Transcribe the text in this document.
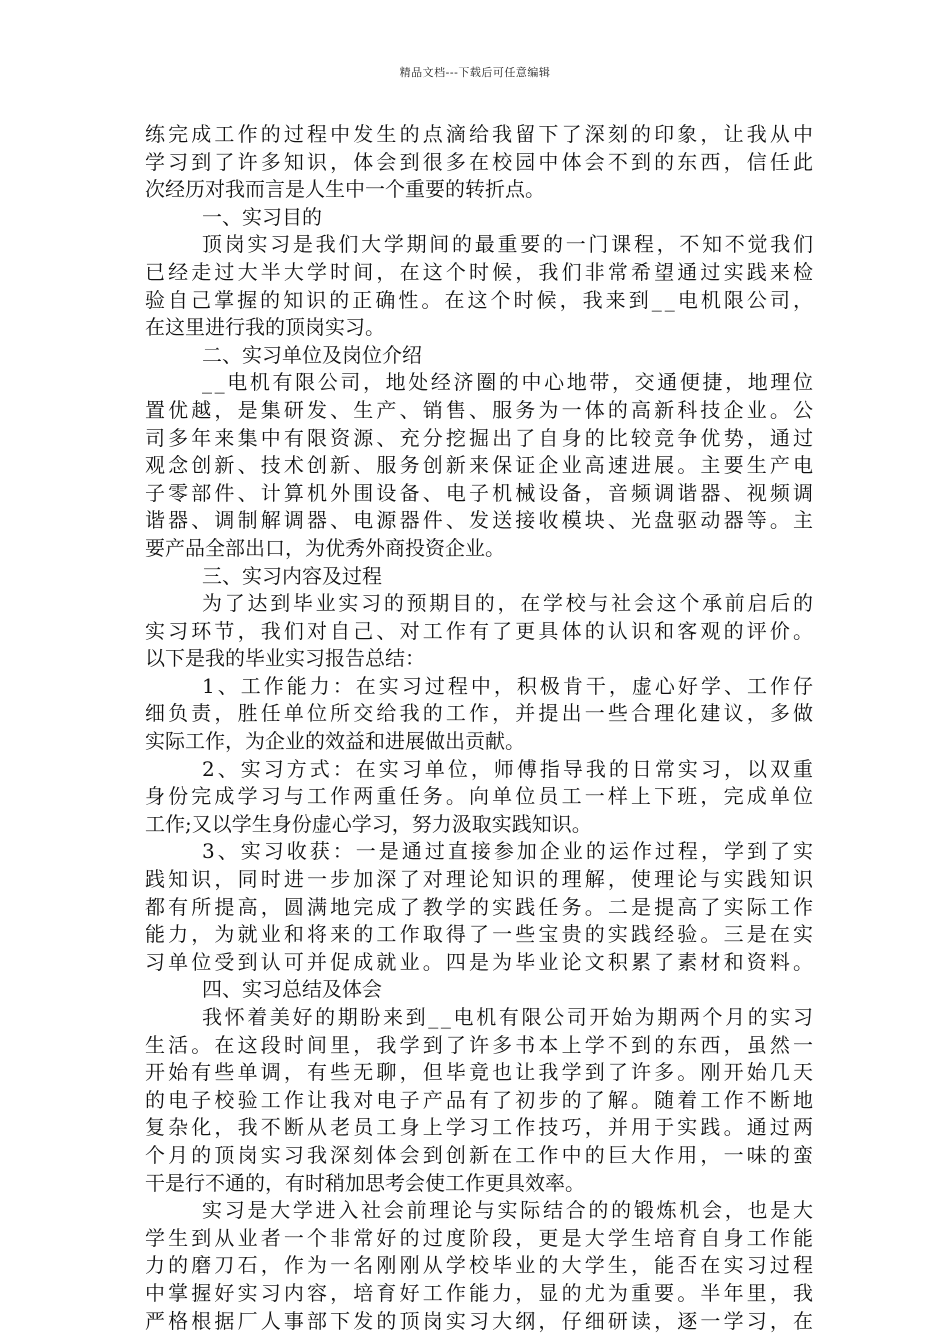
精品文档---下载后可任意编辑
练完成工作的过程中发生的点滴给我留下了深刻的印象，让我从中
学习到了许多知识，体会到很多在校园中体会不到的东西，信任此
次经历对我而言是人生中一个重要的转折点。
一、实习目的
顶岗实习是我们大学期间的最重要的一门课程，不知不觉我们
已经走过大半大学时间，在这个时候，我们非常希望通过实践来检
验自己掌握的知识的正确性。在这个时候，我来到__电机限公司，
在这里进行我的顶岗实习。
二、实习单位及岗位介绍
__电机有限公司，地处经济圈的中心地带，交通便捷，地理位
置优越，是集研发、生产、销售、服务为一体的高新科技企业。公
司多年来集中有限资源、充分挖掘出了自身的比较竞争优势，通过
观念创新、技术创新、服务创新来保证企业高速进展。主要生产电
子零部件、计算机外围设备、电子机械设备，音频调谐器、视频调
谐器、调制解调器、电源器件、发送接收模块、光盘驱动器等。主
要产品全部出口，为优秀外商投资企业。
三、实习内容及过程
为了达到毕业实习的预期目的，在学校与社会这个承前启后的
实习环节，我们对自己、对工作有了更具体的认识和客观的评价。
以下是我的毕业实习报告总结：
1、工作能力：在实习过程中，积极肯干，虚心好学、工作仔
细负责，胜任单位所交给我的工作，并提出一些合理化建议，多做
实际工作，为企业的效益和进展做出贡献。
2、实习方式：在实习单位，师傅指导我的日常实习，以双重
身份完成学习与工作两重任务。向单位员工一样上下班，完成单位
工作;又以学生身份虚心学习，努力汲取实践知识。
3、实习收获：一是通过直接参加企业的运作过程，学到了实
践知识，同时进一步加深了对理论知识的理解，使理论与实践知识
都有所提高，圆满地完成了教学的实践任务。二是提高了实际工作
能力，为就业和将来的工作取得了一些宝贵的实践经验。三是在实
习单位受到认可并促成就业。四是为毕业论文积累了素材和资料。
四、实习总结及体会
我怀着美好的期盼来到__电机有限公司开始为期两个月的实习
生活。在这段时间里，我学到了许多书本上学不到的东西，虽然一
开始有些单调，有些无聊，但毕竟也让我学到了许多。刚开始几天
的电子校验工作让我对电子产品有了初步的了解。随着工作不断地
复杂化，我不断从老员工身上学习工作技巧，并用于实践。通过两
个月的顶岗实习我深刻体会到创新在工作中的巨大作用，一味的蛮
干是行不通的，有时稍加思考会使工作更具效率。
实习是大学进入社会前理论与实际结合的的锻炼机会，也是大
学生到从业者一个非常好的过度阶段，更是大学生培育自身工作能
力的磨刀石，作为一名刚刚从学校毕业的大学生，能否在实习过程
中掌握好实习内容，培育好工作能力，显的尤为重要。半年里，我
严格根据厂人事部下发的顶岗实习大纲，仔细研读，逐一学习，在
